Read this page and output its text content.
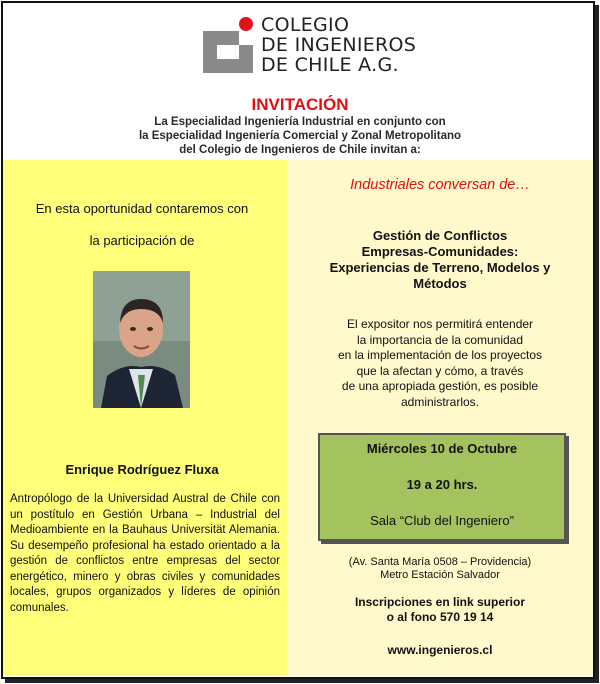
COLEGIO
DE INGENIEROS
DE CHILE A.G.
INVITACIÓN
La Especialidad Ingeniería Industrial en conjunto con
la Especialidad Ingeniería Comercial y Zonal Metropolitano
del Colegio de Ingenieros de Chile invitan a:
En esta oportunidad contaremos con
la participación de
Enrique Rodríguez Fluxa
Antropólogo de la Universidad Austral de Chile con un postítulo en Gestión Urbana – Industrial del Medioambiente en la Bauhaus Universität Alemania. Su desempeño profesional ha estado orientado a la gestión de conflictos entre empresas del sector energético, minero y obras civiles y comunidades locales, grupos organizados y líderes de opinión comunales.
Industriales conversan de…
Gestión de Conflictos
Empresas-Comunidades:
Experiencias de Terreno, Modelos y
Métodos
El expositor nos permitirá entender
la importancia de la comunidad
en la implementación de los proyectos
que la afectan y cómo, a través
de una apropiada gestión, es posible
administrarlos.
Miércoles 10 de Octubre
19 a 20 hrs.
Sala “Club del Ingeniero”
(Av. Santa María 0508 – Providencia)
Metro Estación Salvador
Inscripciones en link superior
o al fono 570 19 14
www.ingenieros.cl
